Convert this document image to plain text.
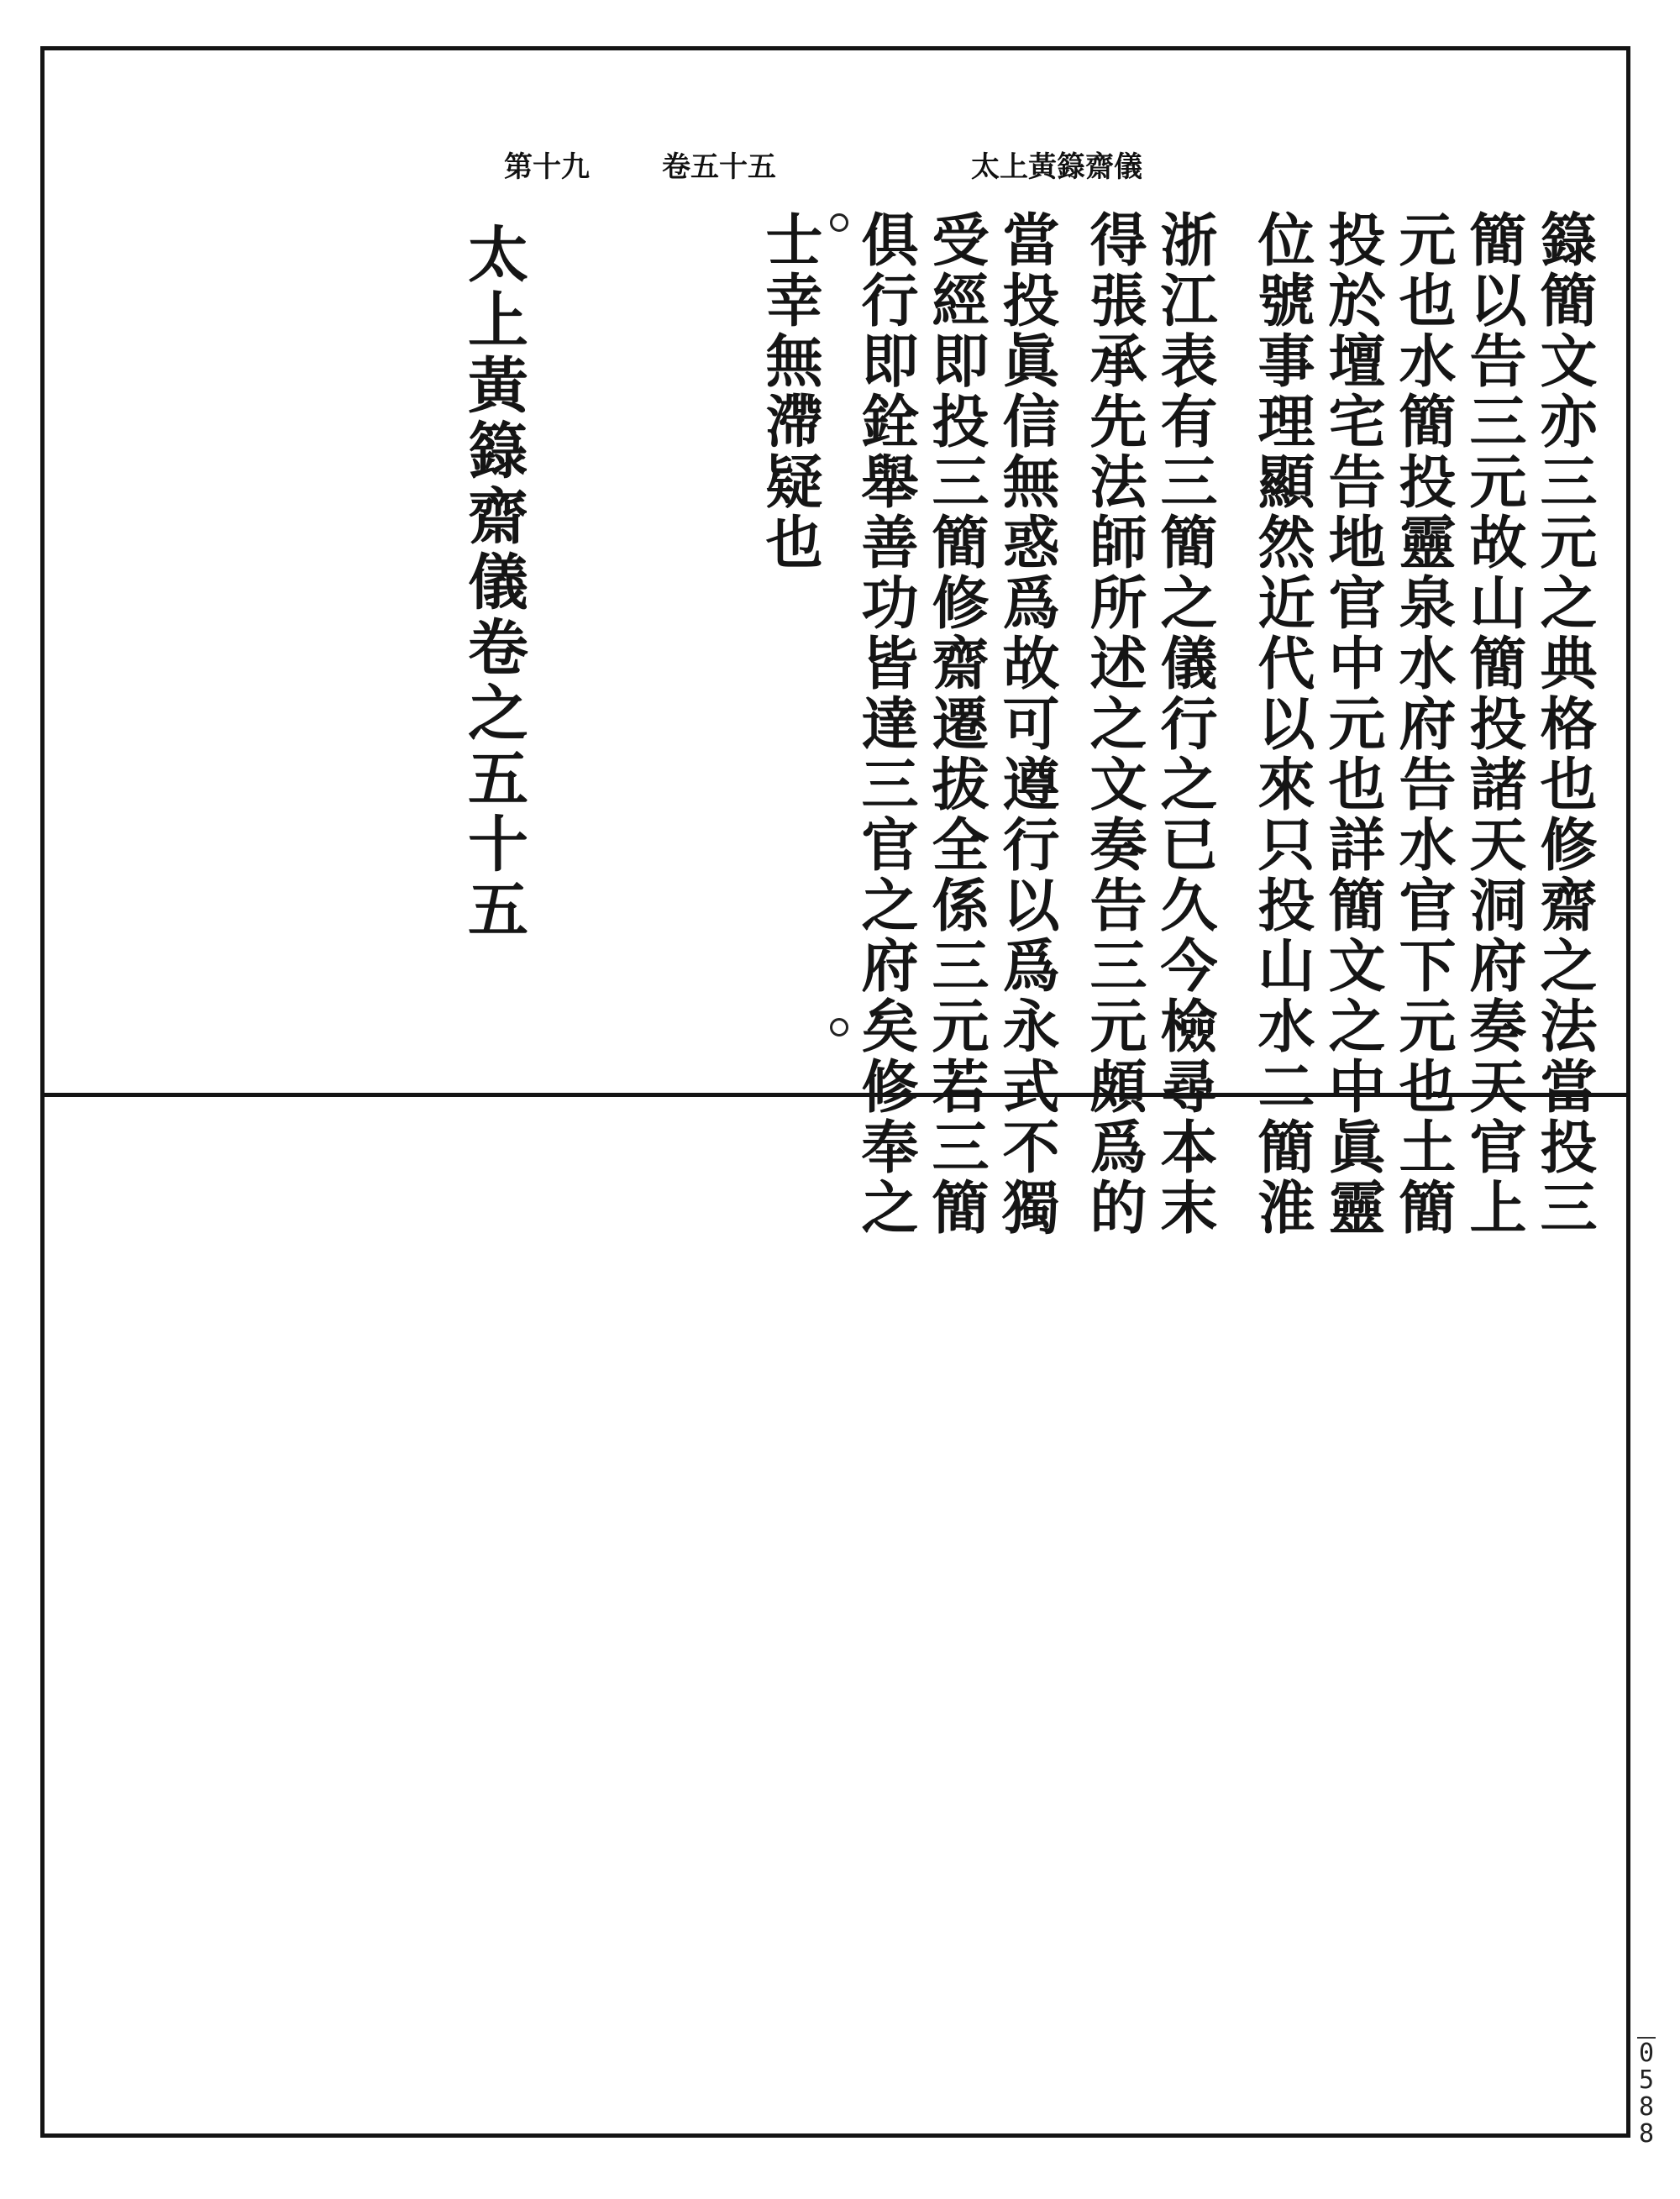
太上黃籙齋儀
卷五十五
第十九
籙簡文亦三元之典格也修齋之法當投三
簡以告三元故山簡投諸天洞府奏天官上
元也水簡投靈泉水府告水官下元也土簡
投於壇宅告地官中元也詳簡文之中眞靈
位號事理顯然近代以來只投山水二簡淮
浙江表有三簡之儀行之已久今檢尋本末
得張承先法師所述之文奏告三元頗爲的
當投眞信無惑爲故可遵行以爲永式不獨
受經即投三簡修齋遷拔全係三元若三簡
俱行即銓舉善功皆達三官之府矣修奉之
士幸無滯疑也
太上黃籙齋儀卷之五十五
0588
